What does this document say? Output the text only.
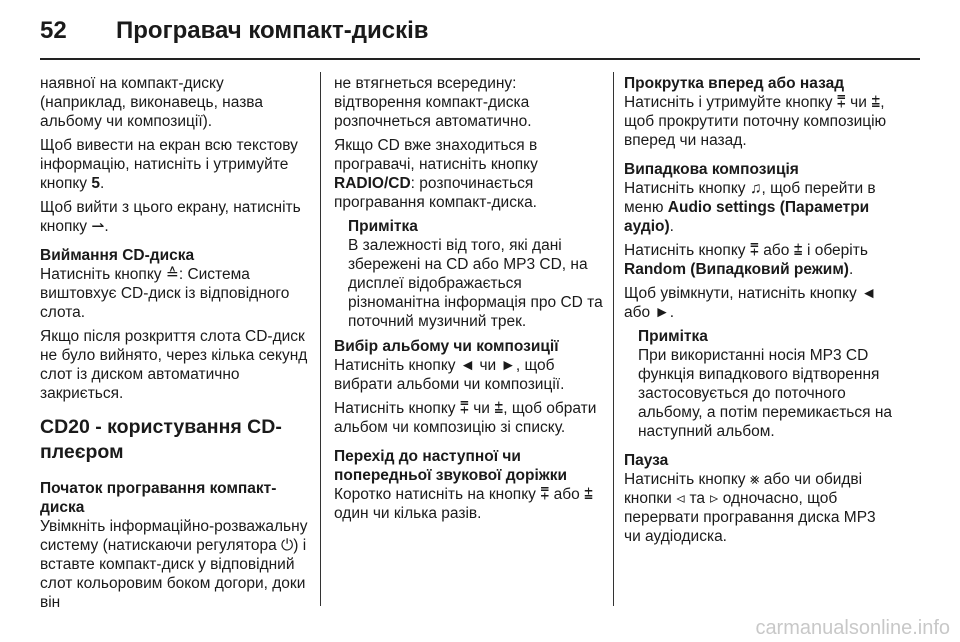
52	Програвач компакт-дисків

наявної на компакт-диску (наприклад, виконавець, назва альбому чи композиції).

Щоб вивести на екран всю текстову інформацію, натисніть і утримуйте кнопку 5.

Щоб вийти з цього екрану, натисніть кнопку ⇀.

Виймання CD-диска

Натисніть кнопку ≙: Система виштовхує CD-диск із відповідного слота.

Якщо після розкриття слота CD-диск не було вийнято, через кілька секунд слот із диском автоматично закриється.

CD20 - користування CD-плеєром
Початок програвання компакт-диска

Увімкніть інформаційно-розважальну систему (натискаючи регулятора ⏻) і вставте компакт-диск у відповідний слот кольоровим боком догори, доки він

не втягнеться всередину: відтворення компакт-диска розпочнеться автоматично.

Якщо CD вже знаходиться в програвачі, натисніть кнопку RADIO/CD: розпочинається програвання компакт-диска.

Примітка
В залежності від того, які дані збережені на CD або MP3 CD, на дисплеї відображається різноманітна інформація про CD та поточний музичний трек.
Вибір альбому чи композиції

Натисніть кнопку ◄ чи ►, щоб вибрати альбоми чи композиції.

Натисніть кнопку ⩱ чи ⩲, щоб обрати альбом чи композицію зі списку.

Перехід до наступної чи попередньої звукової доріжки

Коротко натисніть на кнопку ⩱ або ⩲ один чи кілька разів.

Прокрутка вперед або назад

Натисніть і утримуйте кнопку ⩱ чи ⩲, щоб прокрутити поточну композицію вперед чи назад.

Випадкова композиція

Натисніть кнопку ♫, щоб перейти в меню Audio settings (Параметри аудіо).

Натисніть кнопку ⩱ або ⩲ і оберіть Random (Випадковий режим).

Щоб увімкнути, натисніть кнопку ◄ або ►.

Примітка
При використанні носія MP3 CD функція випадкового відтворення застосовується до поточного альбому, а потім перемикається на наступний альбом.
Пауза

Натисніть кнопку ⨳ або чи обидві кнопки ⊲ та ⊳ одночасно, щоб перервати програвання диска MP3 чи аудіодиска.

carmanualsonline.info
